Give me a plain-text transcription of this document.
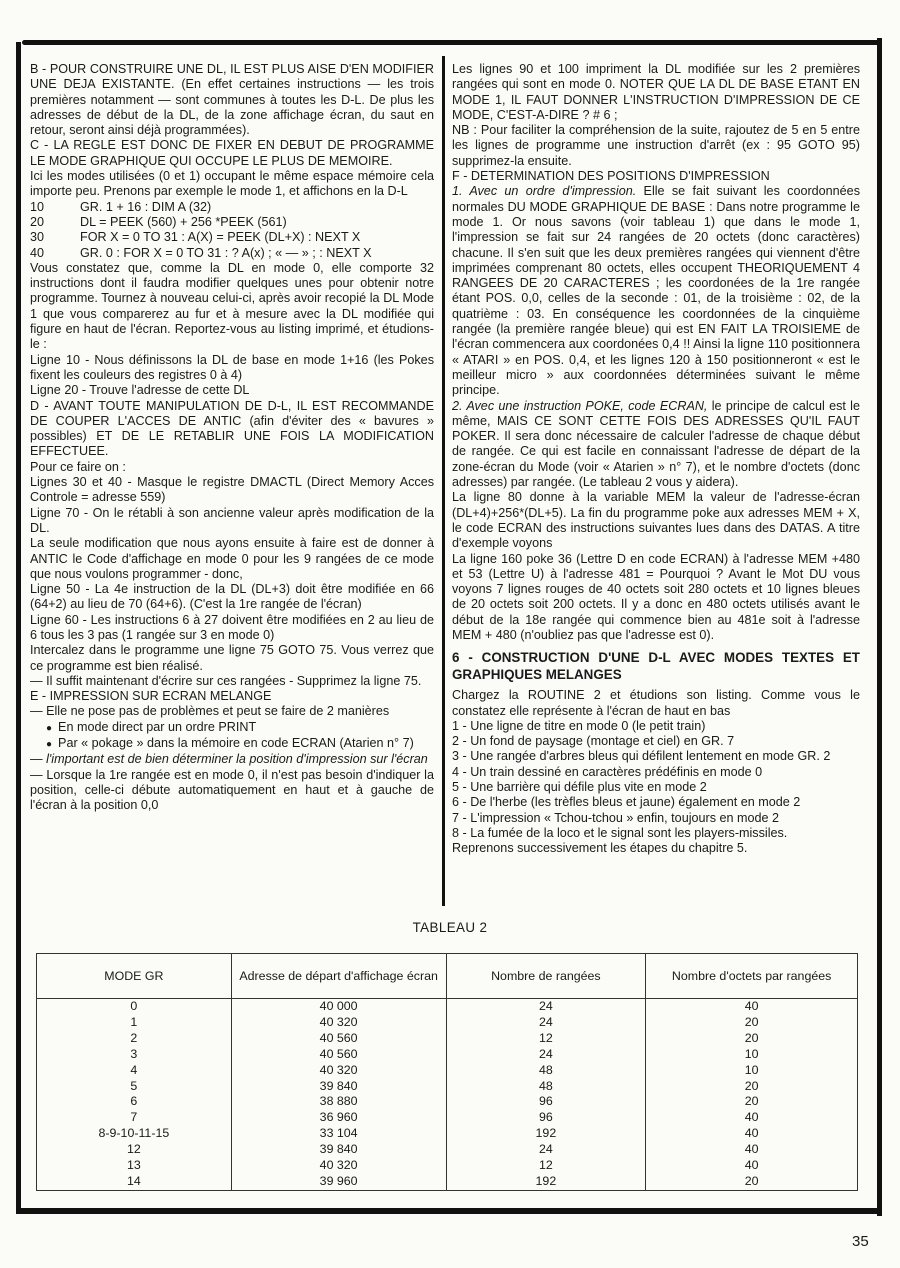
B - POUR CONSTRUIRE UNE DL, IL EST PLUS AISE D'EN MODIFIER UNE DEJA EXISTANTE. (En effet certaines instructions — les trois premières notamment — sont communes à toutes les D-L. De plus les adresses de début de la DL, de la zone affichage écran, du saut en retour, seront ainsi déjà programmées).

C - LA REGLE EST DONC DE FIXER EN DEBUT DE PROGRAMME LE MODE GRAPHIQUE QUI OCCUPE LE PLUS DE MEMOIRE.

Ici les modes utilisées (0 et 1) occupant le même espace mémoire cela importe peu. Prenons par exemple le mode 1, et affichons en la D-L

10	GR. 1 + 16 : DIM A (32)
20	DL = PEEK (560) + 256 *PEEK (561)
30	FOR X = 0 TO 31 : A(X) = PEEK (DL+X) : NEXT X
40	GR. 0 : FOR X = 0 TO 31 : ? A(x) ; « — » ; : NEXT X

Vous constatez que, comme la DL en mode 0, elle comporte 32 instructions dont il faudra modifier quelques unes pour obtenir notre programme. Tournez à nouveau celui-ci, après avoir recopié la DL Mode 1 que vous comparerez au fur et à mesure avec la DL modifiée qui figure en haut de l'écran. Reportez-vous au listing imprimé, et étudions-le :

Ligne 10 - Nous définissons la DL de base en mode 1+16 (les Pokes fixent les couleurs des registres 0 à 4)

Ligne 20 - Trouve l'adresse de cette DL

D - AVANT TOUTE MANIPULATION DE D-L, IL EST RECOMMANDE DE COUPER L'ACCES DE ANTIC (afin d'éviter des « bavures » possibles) ET DE LE RETABLIR UNE FOIS LA MODIFICATION EFFECTUEE.

Pour ce faire on :

Lignes 30 et 40 - Masque le registre DMACTL (Direct Memory Acces Controle = adresse 559)

Ligne 70 - On le rétabli à son ancienne valeur après modification de la DL.

La seule modification que nous ayons ensuite à faire est de donner à ANTIC le Code d'affichage en mode 0 pour les 9 rangées de ce mode que nous voulons programmer - donc,

Ligne 50 - La 4e instruction de la DL (DL+3) doit être modifiée en 66 (64+2) au lieu de 70 (64+6). (C'est la 1re rangée de l'écran)

Ligne 60 - Les instructions 6 à 27 doivent être modifiées en 2 au lieu de 6 tous les 3 pas (1 rangée sur 3 en mode 0)

Intercalez dans le programme une ligne 75 GOTO 75. Vous verrez que ce programme est bien réalisé.

— Il suffit maintenant d'écrire sur ces rangées - Supprimez la ligne 75.

E - IMPRESSION SUR ECRAN MELANGE

— Elle ne pose pas de problèmes et peut se faire de 2 manières

● En mode direct par un ordre PRINT

● Par « pokage » dans la mémoire en code ECRAN (Atarien n° 7)

— l'important est de bien déterminer la position d'impression sur l'écran

— Lorsque la 1re rangée est en mode 0, il n'est pas besoin d'indiquer la position, celle-ci débute automatiquement en haut et à gauche de l'écran à la position 0,0

Les lignes 90 et 100 impriment la DL modifiée sur les 2 premières rangées qui sont en mode 0. NOTER QUE LA DL DE BASE ETANT EN MODE 1, IL FAUT DONNER L'INSTRUCTION D'IMPRESSION DE CE MODE, C'EST-A-DIRE ? # 6 ;

NB : Pour faciliter la compréhension de la suite, rajoutez de 5 en 5 entre les lignes de programme une instruction d'arrêt (ex : 95 GOTO 95) supprimez-la ensuite.

F - DETERMINATION DES POSITIONS D'IMPRESSION

1. Avec un ordre d'impression. Elle se fait suivant les coordonnées normales DU MODE GRAPHIQUE DE BASE : Dans notre programme le mode 1. Or nous savons (voir tableau 1) que dans le mode 1, l'impression se fait sur 24 rangées de 20 octets (donc caractères) chacune. Il s'en suit que les deux premières rangées qui viennent d'être imprimées comprenant 80 octets, elles occupent THEORIQUEMENT 4 RANGEES DE 20 CARACTERES ; les coordonées de la 1re rangée étant POS. 0,0, celles de la seconde : 01, de la troisième : 02, de la quatrième : 03. En conséquence les coordonnées de la cinquième rangée (la première rangée bleue) qui est EN FAIT LA TROISIEME de l'écran commencera aux coordonées 0,4 !! Ainsi la ligne 110 positionnera « ATARI » en POS. 0,4, et les lignes 120 à 150 positionneront « est le meilleur micro » aux coordonnées déterminées suivant le même principe.

2. Avec une instruction POKE, code ECRAN, le principe de calcul est le même, MAIS CE SONT CETTE FOIS DES ADRESSES QU'IL FAUT POKER. Il sera donc nécessaire de calculer l'adresse de chaque début de rangée. Ce qui est facile en connaissant l'adresse de départ de la zone-écran du Mode (voir « Atarien » n° 7), et le nombre d'octets (donc adresses) par rangée. (Le tableau 2 vous y aidera).

La ligne 80 donne à la variable MEM la valeur de l'adresse-écran (DL+4)+256*(DL+5). La fin du programme poke aux adresses MEM + X, le code ECRAN des instructions suivantes lues dans des DATAS. A titre d'exemple voyons

La ligne 160 poke 36 (Lettre D en code ECRAN) à l'adresse MEM +480 et 53 (Lettre U) à l'adresse 481 = Pourquoi ? Avant le Mot DU vous voyons 7 lignes rouges de 40 octets soit 280 octets et 10 lignes bleues de 20 octets soit 200 octets. Il y a donc en 480 octets utilisés avant le début de la 18e rangée qui commence bien au 481e soit à l'adresse MEM + 480 (n'oubliez pas que l'adresse est 0).

6 - CONSTRUCTION D'UNE D-L AVEC MODES TEXTES ET GRAPHIQUES MELANGES

Chargez la ROUTINE 2 et étudions son listing. Comme vous le constatez elle représente à l'écran de haut en bas

1 - Une ligne de titre en mode 0 (le petit train)

2 - Un fond de paysage (montage et ciel) en GR. 7

3 - Une rangée d'arbres bleus qui défilent lentement en mode GR. 2

4 - Un train dessiné en caractères prédéfinis en mode 0

5 - Une barrière qui défile plus vite en mode 2

6 - De l'herbe (les trèfles bleus et jaune) également en mode 2

7 - L'impression « Tchou-tchou » enfin, toujours en mode 2

8 - La fumée de la loco et le signal sont les players-missiles.

Reprenons successivement les étapes du chapitre 5.

TABLEAU 2
MODE GR	Adresse de départ d'affichage écran	Nombre de rangées	Nombre d'octets par rangées
0	40 000	24	40
1	40 320	24	20
2	40 560	12	20
3	40 560	24	10
4	40 320	48	10
5	39 840	48	20
6	38 880	96	20
7	36 960	96	40
8-9-10-11-15	33 104	192	40
12	39 840	24	40
13	40 320	12	40
14	39 960	192	20
35
